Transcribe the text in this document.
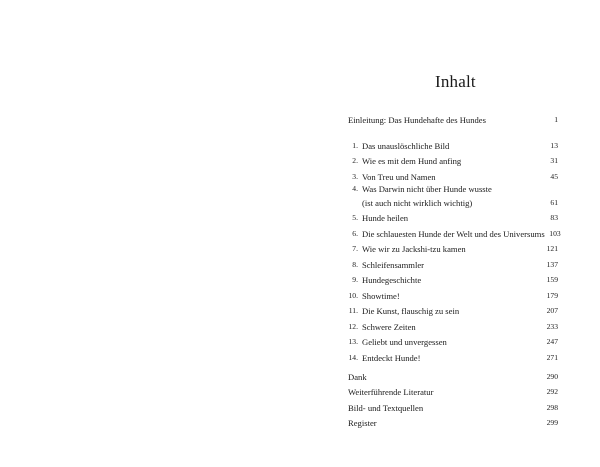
Inhalt
Einleitung: Das Hundehafte des Hundes	1
1. Das unauslöschliche Bild	13
2. Wie es mit dem Hund anfing	31
3. Von Treu und Namen	45
4. Was Darwin nicht über Hunde wusste
(ist auch nicht wirklich wichtig)	61
5. Hunde heilen	83
6. Die schlauesten Hunde der Welt und des Universums 103
7. Wie wir zu Jackshi-tzu kamen	121
8. Schleifensammler	137
9. Hundegeschichte	159
10. Showtime!	179
11. Die Kunst, flauschig zu sein	207
12. Schwere Zeiten	233
13. Geliebt und unvergessen	247
14. Entdeckt Hunde!	271
Dank	290
Weiterführende Literatur	292
Bild- und Textquellen	298
Register	299
